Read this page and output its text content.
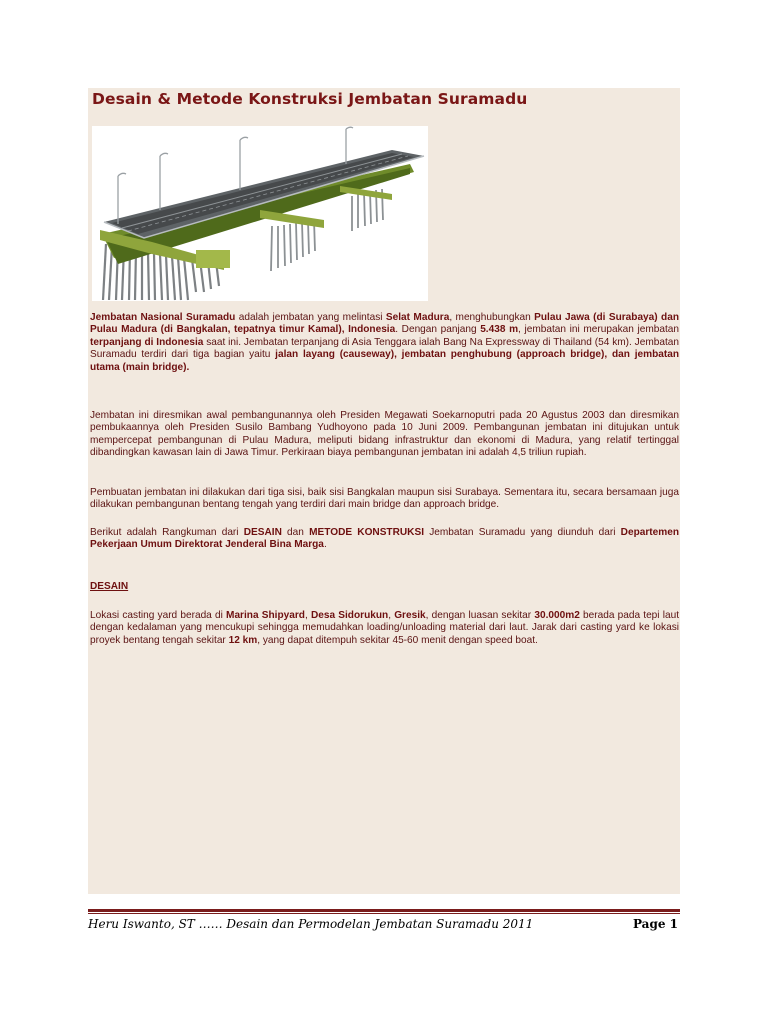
Desain & Metode Konstruksi Jembatan Suramadu

Jembatan Nasional Suramadu adalah jembatan yang melintasi Selat Madura, menghubungkan Pulau Jawa (di Surabaya) dan Pulau Madura (di Bangkalan, tepatnya timur Kamal), Indonesia. Dengan panjang 5.438 m, jembatan ini merupakan jembatan terpanjang di Indonesia saat ini. Jembatan terpanjang di Asia Tenggara ialah Bang Na Expressway di Thailand (54 km). Jembatan Suramadu terdiri dari tiga bagian yaitu jalan layang (causeway), jembatan penghubung (approach bridge), dan jembatan utama (main bridge).

Jembatan ini diresmikan awal pembangunannya oleh Presiden Megawati Soekarnoputri pada 20 Agustus 2003 dan diresmikan pembukaannya oleh Presiden Susilo Bambang Yudhoyono pada 10 Juni 2009. Pembangunan jembatan ini ditujukan untuk mempercepat pembangunan di Pulau Madura, meliputi bidang infrastruktur dan ekonomi di Madura, yang relatif tertinggal dibandingkan kawasan lain di Jawa Timur. Perkiraan biaya pembangunan jembatan ini adalah 4,5 triliun rupiah.

Pembuatan jembatan ini dilakukan dari tiga sisi, baik sisi Bangkalan maupun sisi Surabaya. Sementara itu, secara bersamaan juga dilakukan pembangunan bentang tengah yang terdiri dari main bridge dan approach bridge.

Berikut adalah Rangkuman dari DESAIN dan METODE KONSTRUKSI Jembatan Suramadu yang diunduh dari Departemen Pekerjaan Umum Direktorat Jenderal Bina Marga.

DESAIN

Lokasi casting yard berada di Marina Shipyard, Desa Sidorukun, Gresik, dengan luasan sekitar 30.000m2 berada pada tepi laut dengan kedalaman yang mencukupi sehingga memudahkan loading/unloading material dari laut. Jarak dari casting yard ke lokasi proyek bentang tengah sekitar 12 km, yang dapat ditempuh sekitar 45-60 menit dengan speed boat.

Heru Iswanto, ST …… Desain dan Permodelan Jembatan Suramadu 2011	Page 1
